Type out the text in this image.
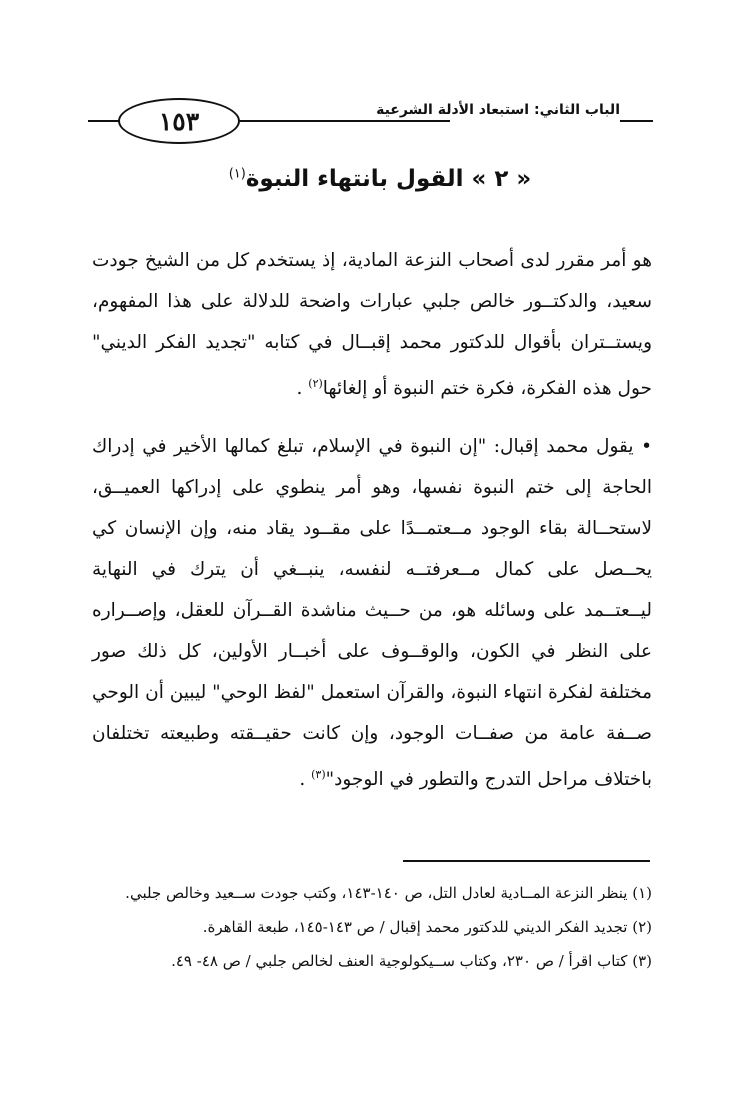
١٥٣	الباب الثاني: استبعاد الأدلة الشرعية
« ٢ » القول بانتهاء النبوة$^{(١)}$
هو أمر مقرر لدى أصحاب النزعة المادية، إذ يستخدم كل من الشيخ جودت سعيد، والدكتــور خالص جلبي عبارات واضحة للدلالة على هذا المفهوم، ويستــتران بأقوال للدكتور محمد إقبــال في كتابه "تجديد الفكر الديني" حول هذه الفكرة، فكرة ختم النبوة أو إلغائها$^{(٢)}$ .
• يقول محمد إقبال: "إن النبوة في الإسلام، تبلغ كمالها الأخير في إدراك الحاجة إلى ختم النبوة نفسها، وهو أمر ينطوي على إدراكها العميــق، لاستحــالة بقاء الوجود مــعتمــدًا على مقــود يقاد منه، وإن الإنسان كي يحــصل على كمال مــعرفتــه لنفسه، ينبــغي أن يترك في النهاية ليــعتــمد على وسائله هو، من حــيث مناشدة القــرآن للعقل، وإصــراره على النظر في الكون، والوقــوف على أخبــار الأولين، كل ذلك صور مختلفة لفكرة انتهاء النبوة، والقرآن استعمل "لفظ الوحي" ليبين أن الوحي صــفة عامة من صفــات الوجود، وإن كانت حقيــقته وطبيعته تختلفان باختلاف مراحل التدرج والتطور في الوجود"$^{(٣)}$ .
(١) ينظر النزعة المــادية لعادل التل، ص ١٤٠-١٤٣، وكتب جودت ســعيد وخالص جلبي.
(٢) تجديد الفكر الديني للدكتور محمد إقبال / ص ١٤٣-١٤٥، طبعة القاهرة.
(٣) كتاب اقرأ / ص ٢٣٠، وكتاب ســيكولوجية العنف لخالص جلبي / ص ٤٨- ٤٩.
